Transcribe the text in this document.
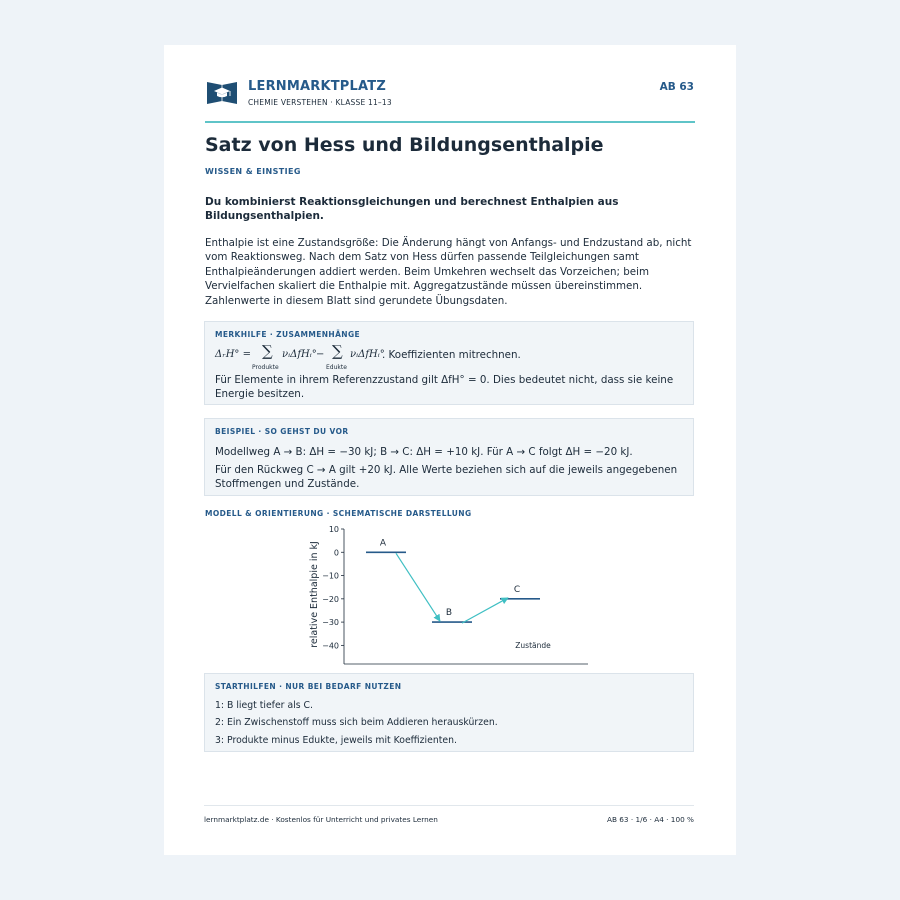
LERNMARKTPLATZ
CHEMIE VERSTEHEN · KLASSE 11–13
AB 63
Satz von Hess und Bildungsenthalpie
WISSEN & EINSTIEG
Du kombinierst Reaktionsgleichungen und berechnest Enthalpien aus Bildungsenthalpien.
Enthalpie ist eine Zustandsgröße: Die Änderung hängt von Anfangs- und Endzustand ab, nicht vom Reaktionsweg. Nach dem Satz von Hess dürfen passende Teilgleichungen samt Enthalpieänderungen addiert werden. Beim Umkehren wechselt das Vorzeichen; beim Vervielfachen skaliert die Enthalpie mit. Aggregatzustände müssen übereinstimmen. Zahlenwerte in diesem Blatt sind gerundete Übungsdaten.
MERKHILFE · ZUSAMMENHÄNGE
ΔᵣH° = ∑
Produkte
νᵢΔfHᵢ° − ∑
Edukte
νᵢΔfHᵢ°
. Koeffizienten mitrechnen.
Für Elemente in ihrem Referenzzustand gilt ΔfH° = 0. Dies bedeutet nicht, dass sie keine Energie besitzen.
BEISPIEL · SO GEHST DU VOR
Modellweg A → B: ΔH = −30 kJ; B → C: ΔH = +10 kJ. Für A → C folgt ΔH = −20 kJ.
Für den Rückweg C → A gilt +20 kJ. Alle Werte beziehen sich auf die jeweils angegebenen Stoffmengen und Zustände.
MODELL & ORIENTIERUNG · SCHEMATISCHE DARSTELLUNG
relative Enthalpie in kJ	Zustände
10
0
−10
−20
−30
−40
A
B
C
STARTHILFEN · NUR BEI BEDARF NUTZEN
1: B liegt tiefer als C.
2: Ein Zwischenstoff muss sich beim Addieren herauskürzen.
3: Produkte minus Edukte, jeweils mit Koeffizienten.
lernmarktplatz.de · Kostenlos für Unterricht und privates Lernen	AB 63 · 1/6 · A4 · 100 %
